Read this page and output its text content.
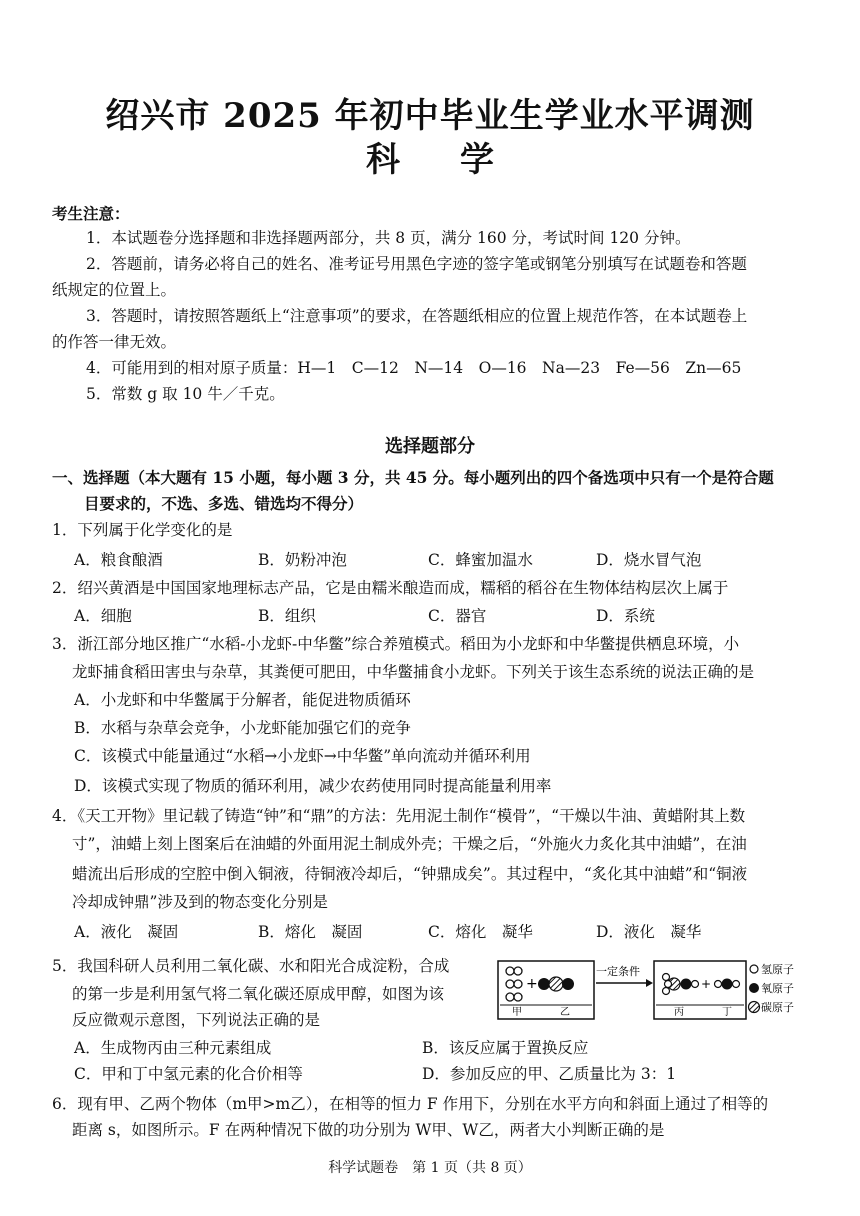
绍兴市 2025 年初中毕业生学业水平调测
科学
考生注意：
1．本试题卷分选择题和非选择题两部分，共 8 页，满分 160 分，考试时间 120 分钟。
2．答题前，请务必将自己的姓名、准考证号用黑色字迹的签字笔或钢笔分别填写在试题卷和答题
纸规定的位置上。
3．答题时，请按照答题纸上“注意事项”的要求，在答题纸相应的位置上规范作答，在本试题卷上
的作答一律无效。
4．可能用到的相对原子质量：H—1　C—12　N—14　O—16　Na—23　Fe—56　Zn—65
5．常数 g 取 10 牛／千克。
选择题部分
一、选择题（本大题有 15 小题，每小题 3 分，共 45 分。每小题列出的四个备选项中只有一个是符合题
目要求的，不选、多选、错选均不得分）
1．下列属于化学变化的是
A．粮食酿酒	B．奶粉冲泡	C．蜂蜜加温水	D．烧水冒气泡
2．绍兴黄酒是中国国家地理标志产品，它是由糯米酿造而成，糯稻的稻谷在生物体结构层次上属于
A．细胞	B．组织	C．器官	D．系统
3．浙江部分地区推广“水稻-小龙虾-中华鳖”综合养殖模式。稻田为小龙虾和中华鳖提供栖息环境，小
龙虾捕食稻田害虫与杂草，其粪便可肥田，中华鳖捕食小龙虾。下列关于该生态系统的说法正确的是
A．小龙虾和中华鳖属于分解者，能促进物质循环
B．水稻与杂草会竞争，小龙虾能加强它们的竞争
C．该模式中能量通过“水稻→小龙虾→中华鳖”单向流动并循环利用
D．该模式实现了物质的循环利用，减少农药使用同时提高能量利用率
4．《天工开物》里记载了铸造“钟”和“鼎”的方法：先用泥土制作“模骨”，“干燥以牛油、黄蜡附其上数
寸”，油蜡上刻上图案后在油蜡的外面用泥土制成外壳；干燥之后，“外施火力炙化其中油蜡”，在油
蜡流出后形成的空腔中倒入铜液，待铜液冷却后，“钟鼎成矣”。其过程中，“炙化其中油蜡”和“铜液
冷却成钟鼎”涉及到的物态变化分别是
A．液化　凝固	B．熔化　凝固	C．熔化　凝华	D．液化　凝华
5．我国科研人员利用二氧化碳、水和阳光合成淀粉，合成
的第一步是利用氢气将二氧化碳还原成甲醇，如图为该
反应微观示意图，下列说法正确的是
A．生成物丙由三种元素组成	B．该反应属于置换反应
C．甲和丁中氢元素的化合价相等	D．参加反应的甲、乙质量比为 3：1
+
甲	乙
一定条件
+
丙	丁
氢原子
氧原子
碳原子
6．现有甲、乙两个物体（m甲>m乙），在相等的恒力 F 作用下，分别在水平方向和斜面上通过了相等的
距离 s，如图所示。F 在两种情况下做的功分别为 W甲、W乙，两者大小判断正确的是
科学试题卷　第 1 页（共 8 页）
